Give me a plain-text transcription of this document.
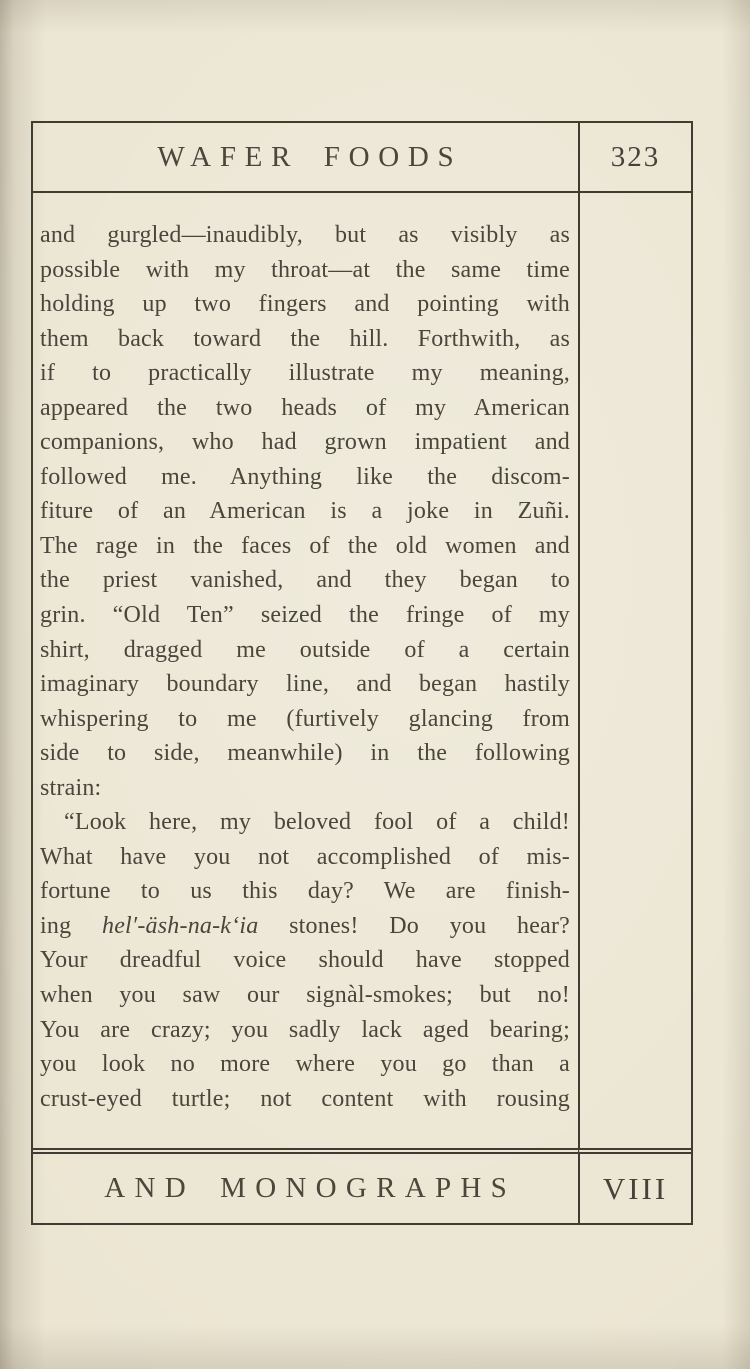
WAFER FOODS	323
and gurgled—inaudibly, but as visibly as
possible with my throat—at the same time
holding up two fingers and pointing with
them back toward the hill. Forthwith, as
if to practically illustrate my meaning,
appeared the two heads of my American
companions, who had grown impatient and
followed me. Anything like the discom-
fiture of an American is a joke in Zuñi.
The rage in the faces of the old women and
the priest vanished, and they began to
grin. “Old Ten” seized the fringe of my
shirt, dragged me outside of a certain
imaginary boundary line, and began hastily
whispering to me (furtively glancing from
side to side, meanwhile) in the following
strain:
“Look here, my beloved fool of a child!
What have you not accomplished of mis-
fortune to us this day? We are finish-
ing hel′-äsh-na-k‘ia stones! Do you hear?
Your dreadful voice should have stopped
when you saw our signàl-smokes; but no!
You are crazy; you sadly lack aged bearing;
you look no more where you go than a
crust-eyed turtle; not content with rousing
AND MONOGRAPHS	VIII
